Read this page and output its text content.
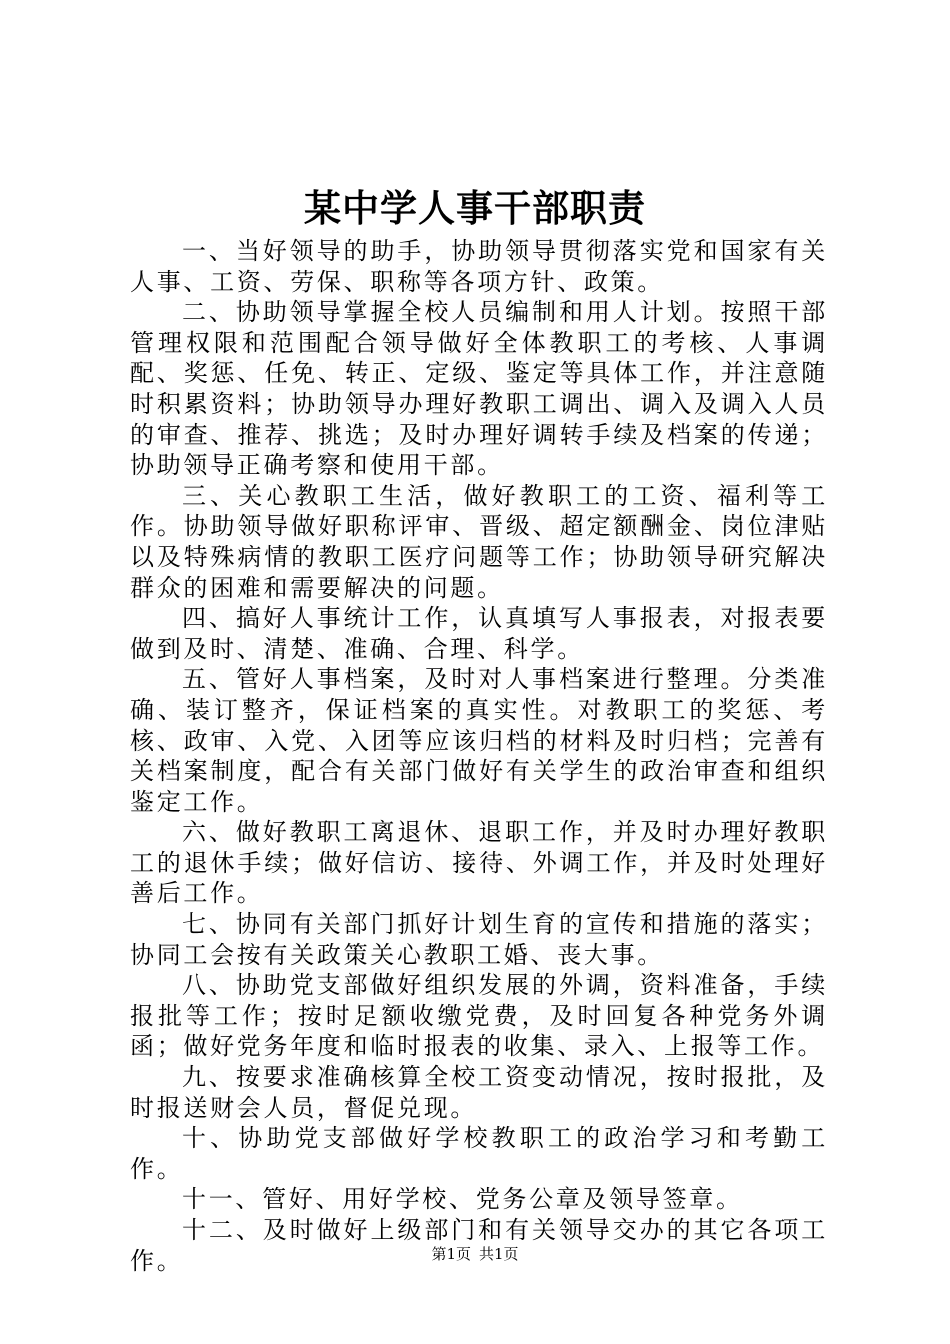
某中学人事干部职责

一、当好领导的助手，协助领导贯彻落实党和国家有关人事、工资、劳保、职称等各项方针、政策。

二、协助领导掌握全校人员编制和用人计划。按照干部管理权限和范围配合领导做好全体教职工的考核、人事调配、奖惩、任免、转正、定级、鉴定等具体工作，并注意随时积累资料；协助领导办理好教职工调出、调入及调入人员的审查、推荐、挑选；及时办理好调转手续及档案的传递；协助领导正确考察和使用干部。

三、关心教职工生活，做好教职工的工资、福利等工作。协助领导做好职称评审、晋级、超定额酬金、岗位津贴以及特殊病情的教职工医疗问题等工作；协助领导研究解决群众的困难和需要解决的问题。

四、搞好人事统计工作，认真填写人事报表，对报表要做到及时、清楚、准确、合理、科学。

五、管好人事档案，及时对人事档案进行整理。分类准确、装订整齐，保证档案的真实性。对教职工的奖惩、考核、政审、入党、入团等应该归档的材料及时归档；完善有关档案制度，配合有关部门做好有关学生的政治审查和组织鉴定工作。

六、做好教职工离退休、退职工作，并及时办理好教职工的退休手续；做好信访、接待、外调工作，并及时处理好善后工作。

七、协同有关部门抓好计划生育的宣传和措施的落实；协同工会按有关政策关心教职工婚、丧大事。

八、协助党支部做好组织发展的外调，资料准备，手续报批等工作；按时足额收缴党费，及时回复各种党务外调函；做好党务年度和临时报表的收集、录入、上报等工作。

九、按要求准确核算全校工资变动情况，按时报批，及时报送财会人员，督促兑现。

十、协助党支部做好学校教职工的政治学习和考勤工作。

十一、管好、用好学校、党务公章及领导签章。

十二、及时做好上级部门和有关领导交办的其它各项工作。	第1页 共1页
